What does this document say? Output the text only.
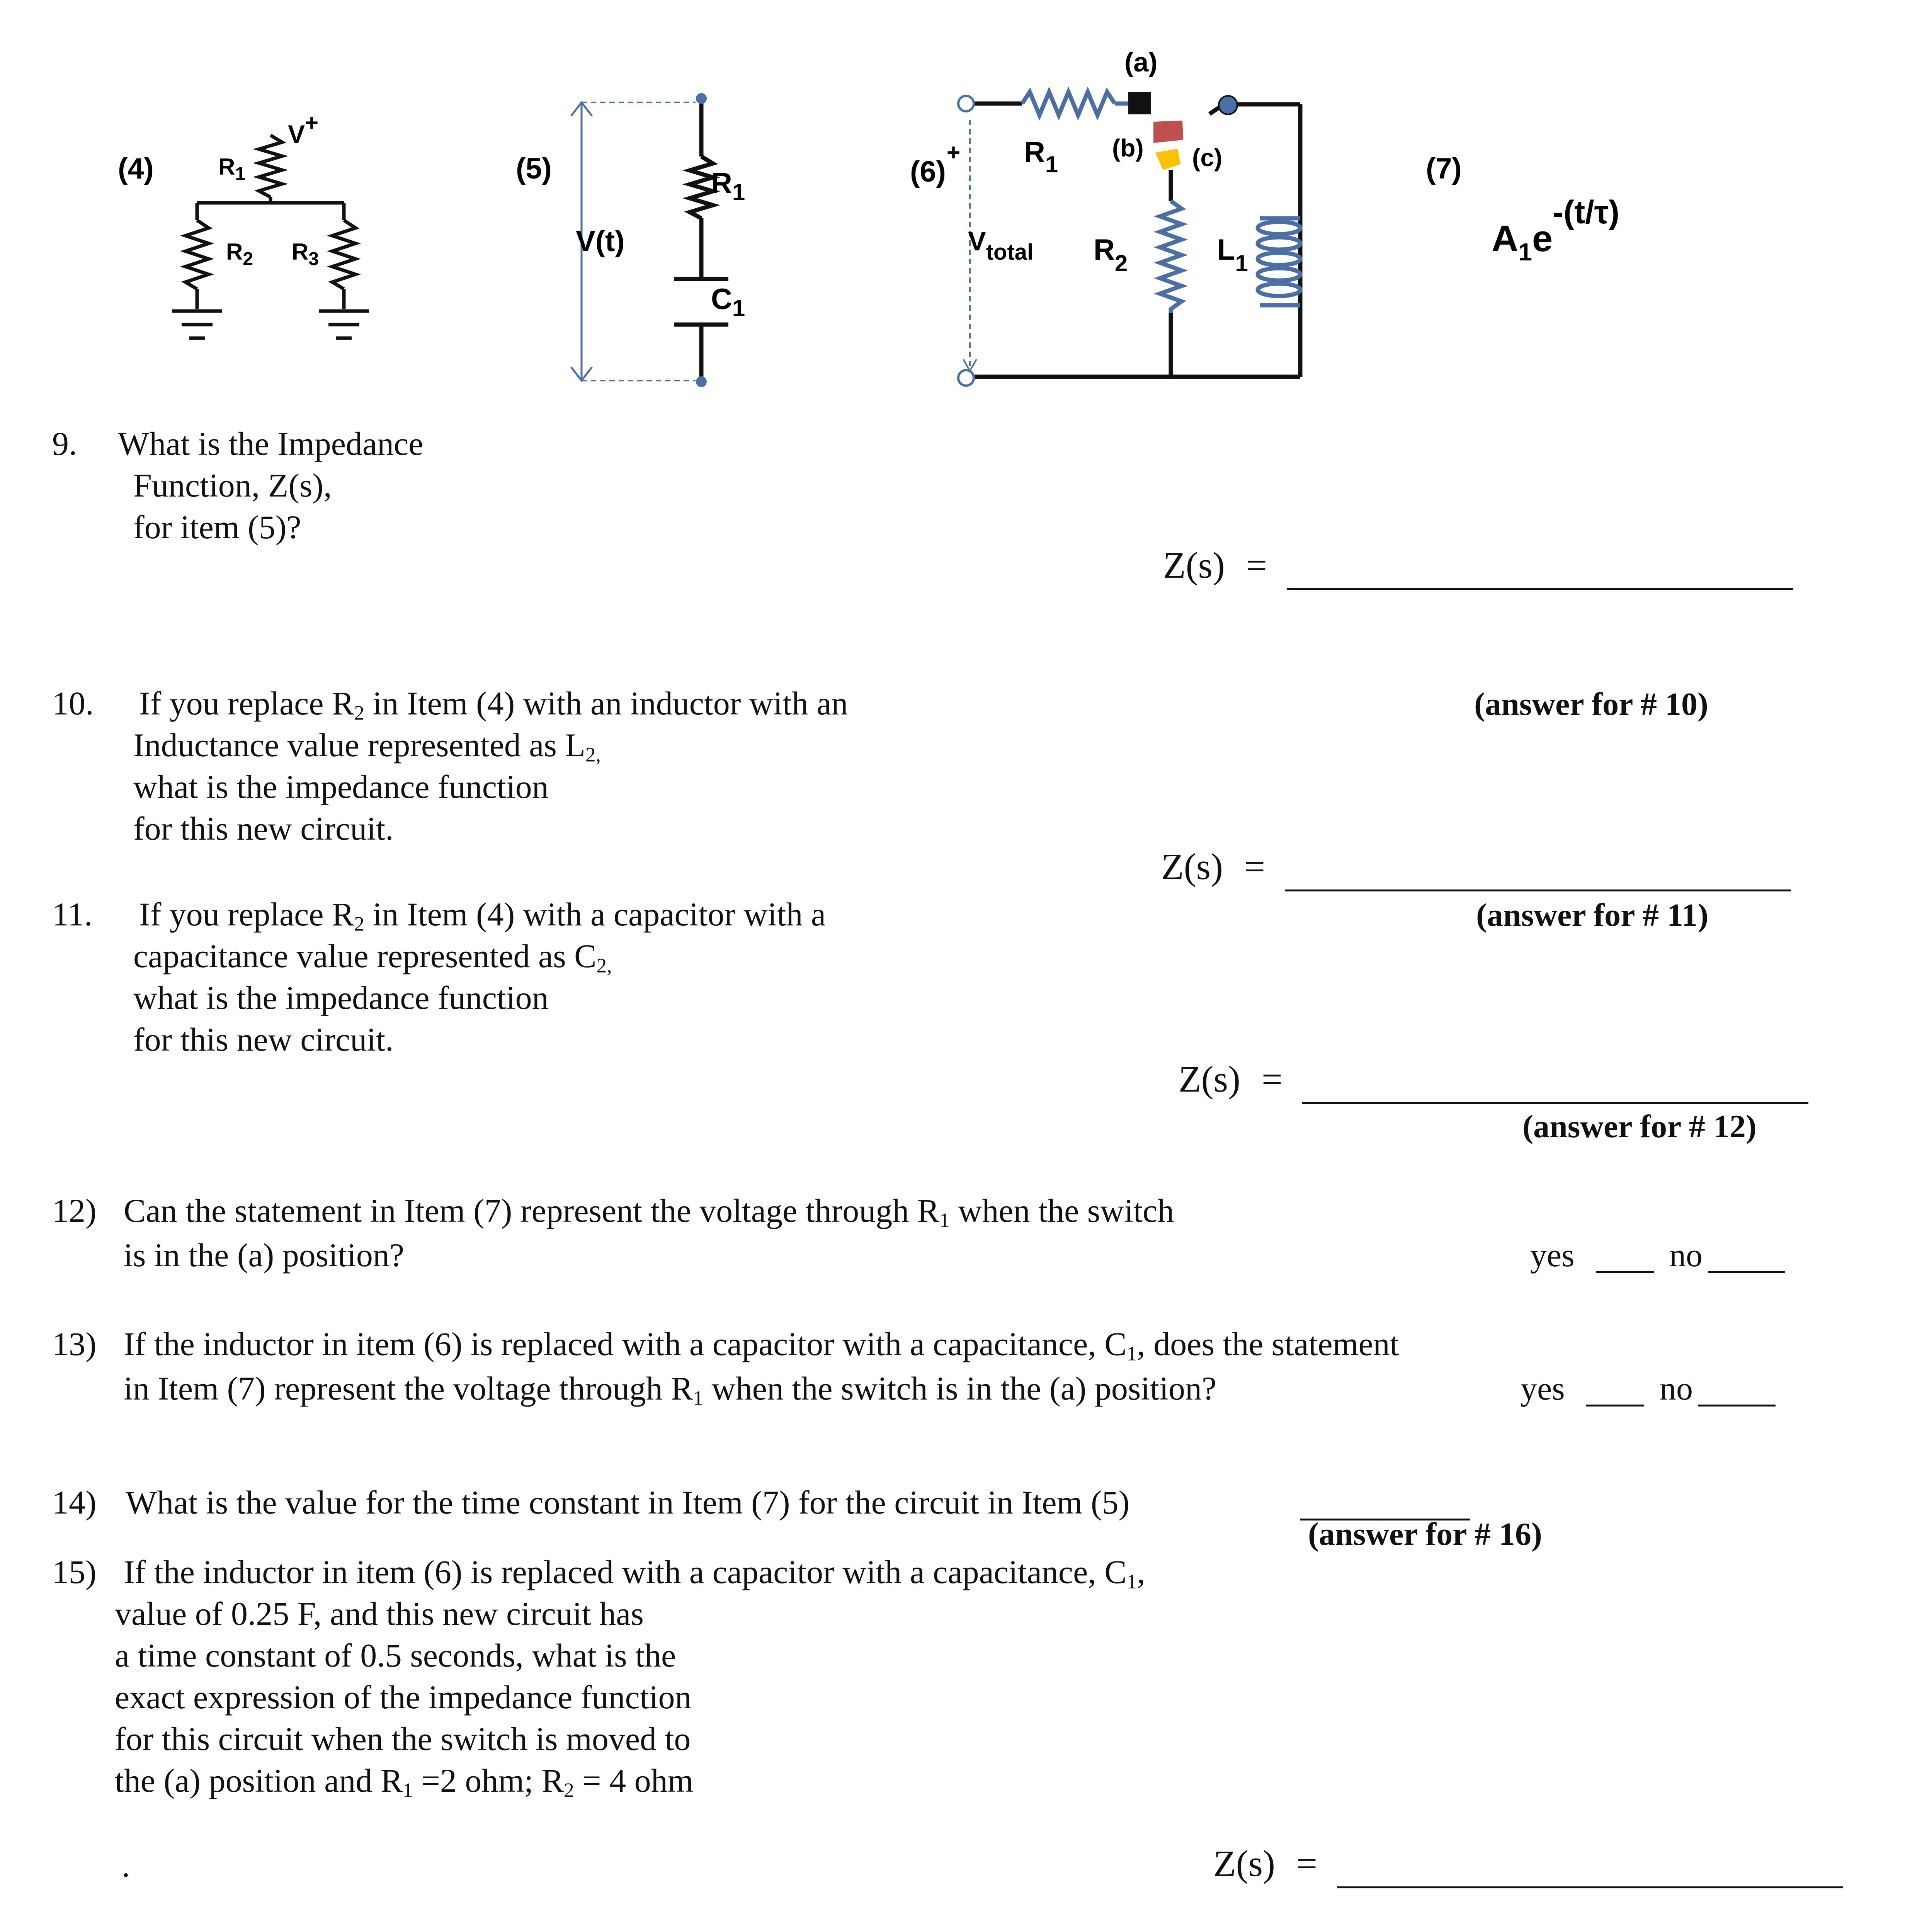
(4)	$R_1$
$R_2$ $R_3$
V+
(5)
V(t)
$R_1$
$C_1$
(6)
+ $R_1$
(a)
(b) (c)
$V_{total}$ $R_2$	$L_1$
(7)
$A_1e-(t/\tau)$
9. What is the Impedance
Function, Z(s),
for item (5)?
Z(s) =
10. If you replace $R_2$ in Item (4) with an inductor with an
Inductance value represented as $L_{2,}$
what is the impedance function
for this new circuit.
(answer for # 10)
Z(s) =
11. If you replace $R_2$ in Item (4) with a capacitor with a
capacitance value represented as $C_{2,}$
what is the impedance function
for this new circuit.
(answer for # 11)
Z(s) =
(answer for # 12)
12) Can the statement in Item (7) represent the voltage through $R_1$ when the switch
is in the (a) position?	yes	no
13) If the inductor in item (6) is replaced with a capacitor with a capacitance, $C_1$, does the statement
in Item (7) represent the voltage through $R_1$ when the switch is in the (a) position?	yes	no
14) What is the value for the time constant in Item (7) for the circuit in Item (5)
(answer for # 16)
15) If the inductor in item (6) is replaced with a capacitor with a capacitance, $C_1$,
value of 0.25 F, and this new circuit has
a time constant of 0.5 seconds, what is the
exact expression of the impedance function
for this circuit when the switch is moved to
the (a) position and $R_1 =2$ ohm; $R_2 = 4$ ohm
.	Z(s) =
